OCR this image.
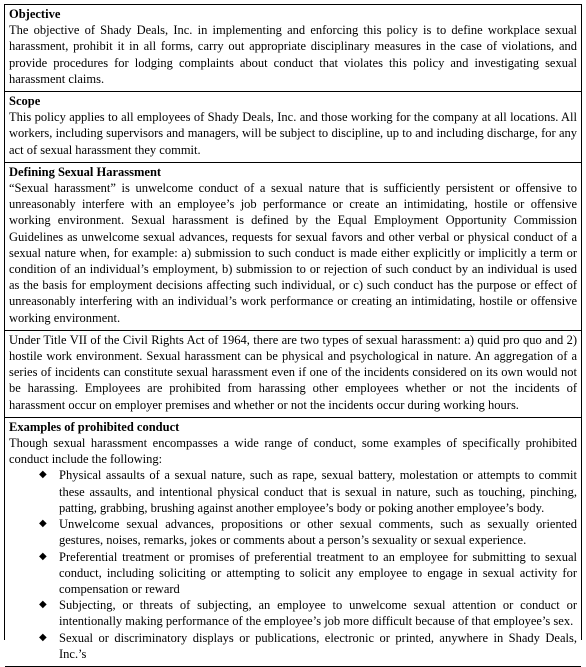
Objective

The objective of Shady Deals, Inc. in implementing and enforcing this policy is to define workplace sexual harassment, prohibit it in all forms, carry out appropriate disciplinary measures in the case of violations, and provide procedures for lodging complaints about conduct that violates this policy and investigating sexual harassment claims.

Scope

This policy applies to all employees of Shady Deals, Inc. and those working for the company at all locations. All workers, including supervisors and managers, will be subject to discipline, up to and including discharge, for any act of sexual harassment they commit.

Defining Sexual Harassment

“Sexual harassment” is unwelcome conduct of a sexual nature that is sufficiently persistent or offensive to unreasonably interfere with an employee’s job performance or create an intimidating, hostile or offensive working environment. Sexual harassment is defined by the Equal Employment Opportunity Commission Guidelines as unwelcome sexual advances, requests for sexual favors and other verbal or physical conduct of a sexual nature when, for example: a) submission to such conduct is made either explicitly or implicitly a term or condition of an individual’s employment, b) submission to or rejection of such conduct by an individual is used as the basis for employment decisions affecting such individual, or c) such conduct has the purpose or effect of unreasonably interfering with an individual’s work performance or creating an intimidating, hostile or offensive working environment.

Under Title VII of the Civil Rights Act of 1964, there are two types of sexual harassment: a) quid pro quo and 2) hostile work environment. Sexual harassment can be physical and psychological in nature. An aggregation of a series of incidents can constitute sexual harassment even if one of the incidents considered on its own would not be harassing. Employees are prohibited from harassing other employees whether or not the incidents of harassment occur on employer premises and whether or not the incidents occur during working hours.

Examples of prohibited conduct

Though sexual harassment encompasses a wide range of conduct, some examples of specifically prohibited conduct include the following:

◆ Physical assaults of a sexual nature, such as rape, sexual battery, molestation or attempts to commit these assaults, and intentional physical conduct that is sexual in nature, such as touching, pinching, patting, grabbing, brushing against another employee’s body or poking another employee’s body.
◆ Unwelcome sexual advances, propositions or other sexual comments, such as sexually oriented gestures, noises, remarks, jokes or comments about a person’s sexuality or sexual experience.
◆ Preferential treatment or promises of preferential treatment to an employee for submitting to sexual conduct, including soliciting or attempting to solicit any employee to engage in sexual activity for compensation or reward
◆ Subjecting, or threats of subjecting, an employee to unwelcome sexual attention or conduct or intentionally making performance of the employee’s job more difficult because of that employee’s sex.
◆ Sexual or discriminatory displays or publications, electronic or printed, anywhere in Shady Deals, Inc.’s
